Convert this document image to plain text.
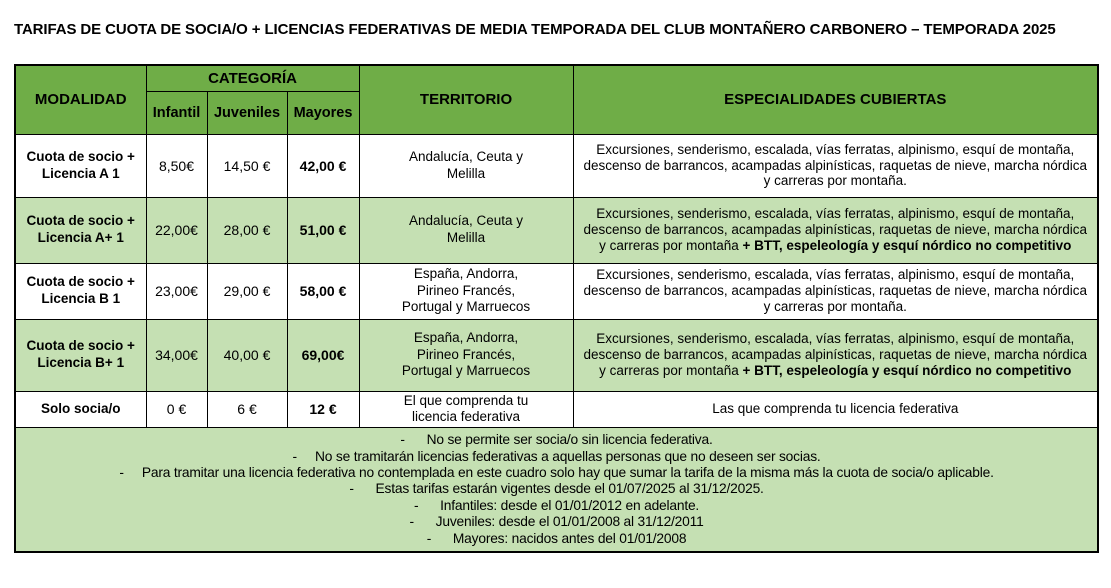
TARIFAS DE CUOTA DE SOCIA/O + LICENCIAS FEDERATIVAS DE MEDIA TEMPORADA DEL CLUB MONTAÑERO CARBONERO – TEMPORADA 2025
MODALIDAD	CATEGORÍA			TERRITORIO	ESPECIALIDADES CUBIERTAS
	Infantil	Juveniles	Mayores		
Cuota de socio + Licencia A 1	8,50€	14,50 €	42,00 €	Andalucía, Ceuta y Melilla	Excursiones, senderismo, escalada, vías ferratas, alpinismo, esquí de montaña, descenso de barrancos, acampadas alpinísticas, raquetas de nieve, marcha nórdica y carreras por montaña.
Cuota de socio + Licencia A+ 1	22,00€	28,00 €	51,00 €	Andalucía, Ceuta y Melilla	Excursiones, senderismo, escalada, vías ferratas, alpinismo, esquí de montaña, descenso de barrancos, acampadas alpinísticas, raquetas de nieve, marcha nórdica y carreras por montaña + BTT, espeleología y esquí nórdico no competitivo
Cuota de socio + Licencia B 1	23,00€	29,00 €	58,00 €	España, Andorra, Pirineo Francés, Portugal y Marruecos	Excursiones, senderismo, escalada, vías ferratas, alpinismo, esquí de montaña, descenso de barrancos, acampadas alpinísticas, raquetas de nieve, marcha nórdica y carreras por montaña.
Cuota de socio + Licencia B+ 1	34,00€	40,00 €	69,00€	España, Andorra, Pirineo Francés, Portugal y Marruecos	Excursiones, senderismo, escalada, vías ferratas, alpinismo, esquí de montaña, descenso de barrancos, acampadas alpinísticas, raquetas de nieve, marcha nórdica y carreras por montaña + BTT, espeleología y esquí nórdico no competitivo
Solo socia/o	0 €	6 €	12 €	El que comprenda tu licencia federativa	Las que comprenda tu licencia federativa

-      No se permite ser socia/o sin licencia federativa.
-     No se tramitarán licencias federativas a aquellas personas que no deseen ser socias.
-     Para tramitar una licencia federativa no contemplada en este cuadro solo hay que sumar la tarifa de la misma más la cuota de socia/o aplicable.
-      Estas tarifas estarán vigentes desde el 01/07/2025 al 31/12/2025.
-      Infantiles: desde el 01/01/2012 en adelante.
-      Juveniles: desde el 01/01/2008 al 31/12/2011
-      Mayores: nacidos antes del 01/01/2008
